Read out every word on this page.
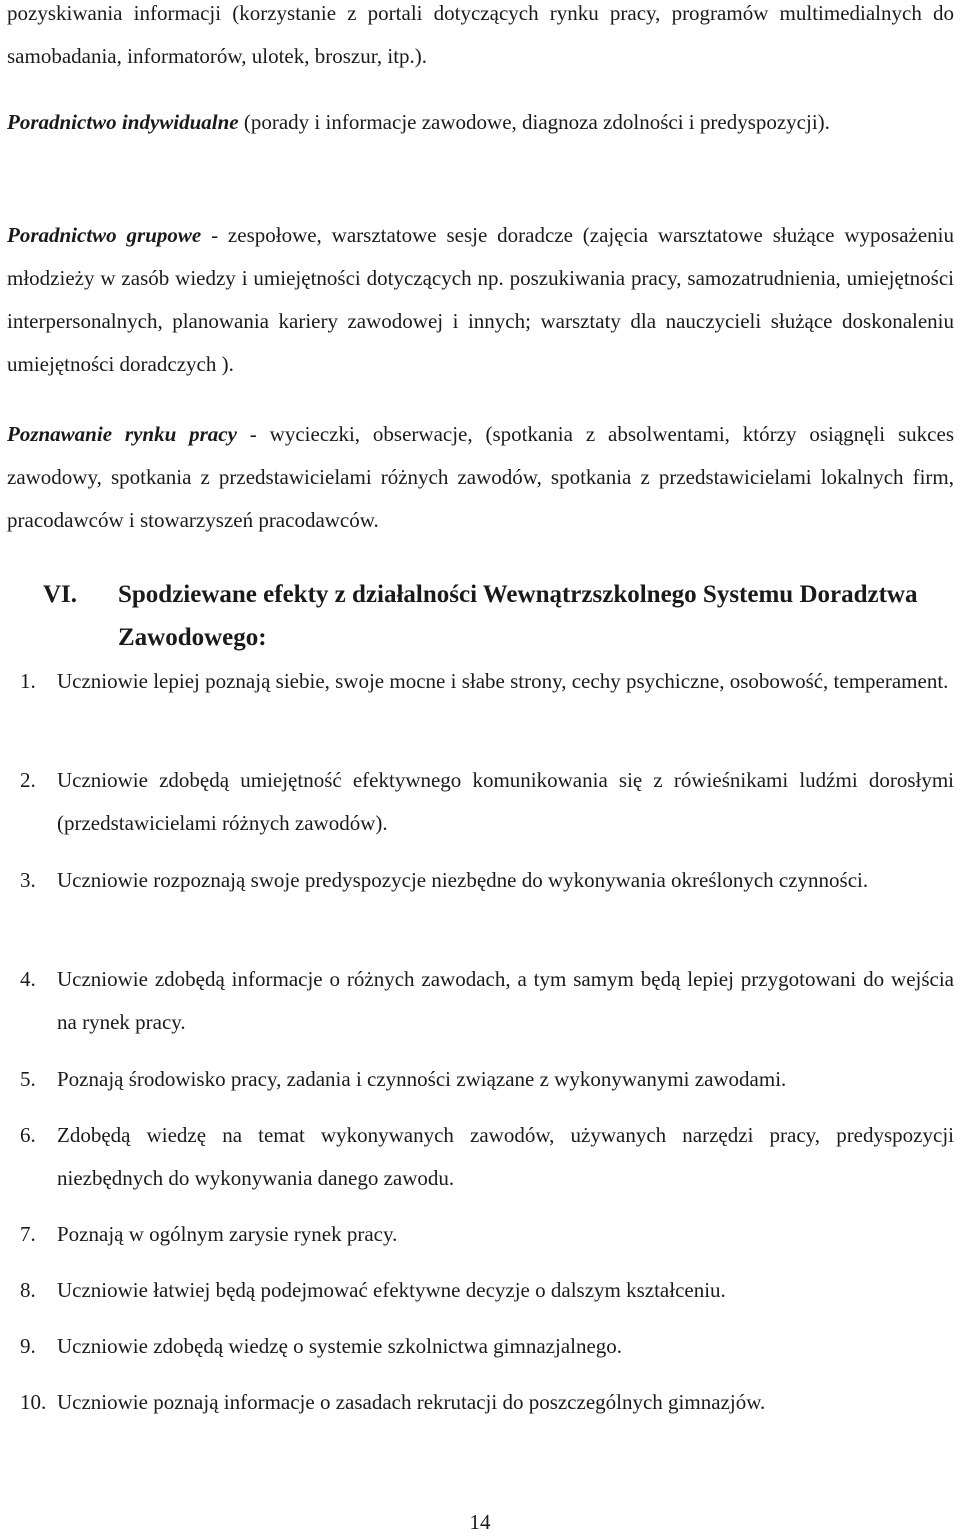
pozyskiwania informacji (korzystanie z portali dotyczących rynku pracy, programów multimedialnych do samobadania, informatorów, ulotek, broszur, itp.).

Poradnictwo indywidualne (porady i informacje zawodowe, diagnoza zdolności i predyspozycji).

Poradnictwo grupowe - zespołowe, warsztatowe sesje doradcze (zajęcia warsztatowe służące wyposażeniu młodzieży w zasób wiedzy i umiejętności dotyczących np. poszukiwania pracy, samozatrudnienia, umiejętności interpersonalnych, planowania kariery zawodowej i innych; warsztaty dla nauczycieli służące doskonaleniu umiejętności doradczych ).

Poznawanie rynku pracy - wycieczki, obserwacje, (spotkania z absolwentami, którzy osiągnęli sukces zawodowy, spotkania z przedstawicielami różnych zawodów, spotkania z przedstawicielami lokalnych firm, pracodawców i stowarzyszeń pracodawców.

VI. Spodziewane efekty z działalności Wewnątrzszkolnego Systemu Doradztwa Zawodowego:
1. Uczniowie lepiej poznają siebie, swoje mocne i słabe strony, cechy psychiczne, osobowość, temperament.
2. Uczniowie zdobędą umiejętność efektywnego komunikowania się z rówieśnikami ludźmi dorosłymi (przedstawicielami różnych zawodów).
3. Uczniowie rozpoznają swoje predyspozycje niezbędne do wykonywania określonych czynności.
4. Uczniowie zdobędą informacje o różnych zawodach, a tym samym będą lepiej przygotowani do wejścia na rynek pracy.
5. Poznają środowisko pracy, zadania i czynności związane z wykonywanymi zawodami.
6. Zdobędą wiedzę na temat wykonywanych zawodów, używanych narzędzi pracy, predyspozycji niezbędnych do wykonywania danego zawodu.
7. Poznają w ogólnym zarysie rynek pracy.
8. Uczniowie łatwiej będą podejmować efektywne decyzje o dalszym kształceniu.
9. Uczniowie zdobędą wiedzę o systemie szkolnictwa gimnazjalnego.
10. Uczniowie poznają informacje o zasadach rekrutacji do poszczególnych gimnazjów.
14
